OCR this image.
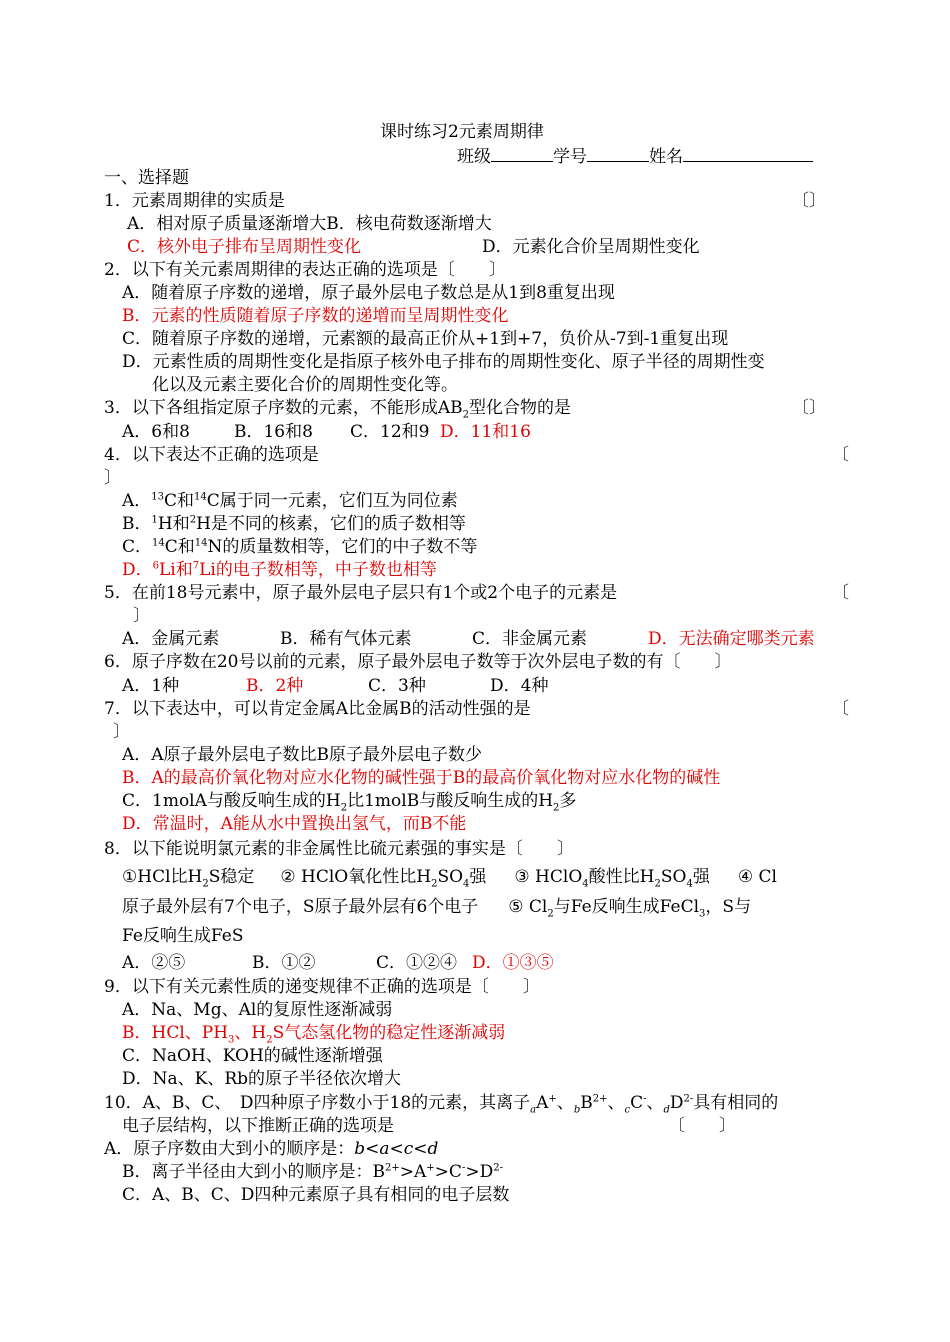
课时练习2元素周期律
班级	学号	姓名
一、选择题
1．元素周期律的实质是	〔〕
A．相对原子质量逐渐增大B．核电荷数逐渐增大
C．核外电子排布呈周期性变化	D．元素化合价呈周期性变化
2．以下有关元素周期律的表达正确的选项是〔　　〕
A．随着原子序数的递增，原子最外层电子数总是从1到8重复出现
B．元素的性质随着原子序数的递增而呈周期性变化
C．随着原子序数的递增，元素额的最高正价从+1到+7，负价从-7到-1重复出现
D．元素性质的周期性变化是指原子核外电子排布的周期性变化、原子半径的周期性变
化以及元素主要化合价的周期性变化等。
3．以下各组指定原子序数的元素，不能形成$AB_2$型化合物的是	〔〕
A．6和8	B．16和8 C．12和9 D．11和16
4．以下表达不正确的选项是	〔
〕
A．$^{13}$C和$^{14}$C属于同一元素，它们互为同位素
B．$^1$H和$^2$H是不同的核素，它们的质子数相等
C．$^{14}$C和$^{14}$N的质量数相等，它们的中子数不等
D．$^6$Li和$^7$Li的电子数相等，中子数也相等
5．在前18号元素中，原子最外层电子层只有1个或2个电子的元素是	〔
〕
A．金属元素	B．稀有气体元素	C．非金属元素	D．无法确定哪类元素
6．原子序数在20号以前的元素，原子最外层电子数等于次外层电子数的有〔　　〕
A．1种	B．2种	C．3种	D．4种
7．以下表达中，可以肯定金属A比金属B的活动性强的是	〔
〕
A．A原子最外层电子数比B原子最外层电子数少
B．A的最高价氧化物对应水化物的碱性强于B的最高价氧化物对应水化物的碱性
C．1molA与酸反响生成的$H_2$比1molB与酸反响生成的$H_2$多
D．常温时，A能从水中置换出氢气，而B不能
8．以下能说明氯元素的非金属性比硫元素强的事实是〔　　〕
①HCl比$H_2S$稳定 ② HClO氧化性比$H_2SO_4$强 ③ HClO$_4$酸性比$H_2SO_4$强 ④ Cl
原子最外层有7个电子，S原子最外层有6个电子 ⑤ $Cl_2$与Fe反响生成FeCl$_3$，S与
Fe反响生成FeS
A．②⑤	B．①②	C．①②④ D．①③⑤
9．以下有关元素性质的递变规律不正确的选项是〔　　〕
A．Na、Mg、Al的复原性逐渐减弱
B．HCl、$PH_3$、$H_2S$气态氢化物的稳定性逐渐减弱
C．NaOH、KOH的碱性逐渐增强
D．Na、K、Rb的原子半径依次增大
10．A、B、C、　D四种原子序数小于18的元素，其离子$_a$A+、$_bB^{2+}$、$_c$C-、$_dD^{2-}$具有相同的
电子层结构，以下推断正确的选项是	〔　　〕
A．原子序数由大到小的顺序是：b<a<c<d
B．离子半径由大到小的顺序是：$B^{2+}>A^+>C^->D^{2-}$
C．A、B、C、D四种元素原子具有相同的电子层数
